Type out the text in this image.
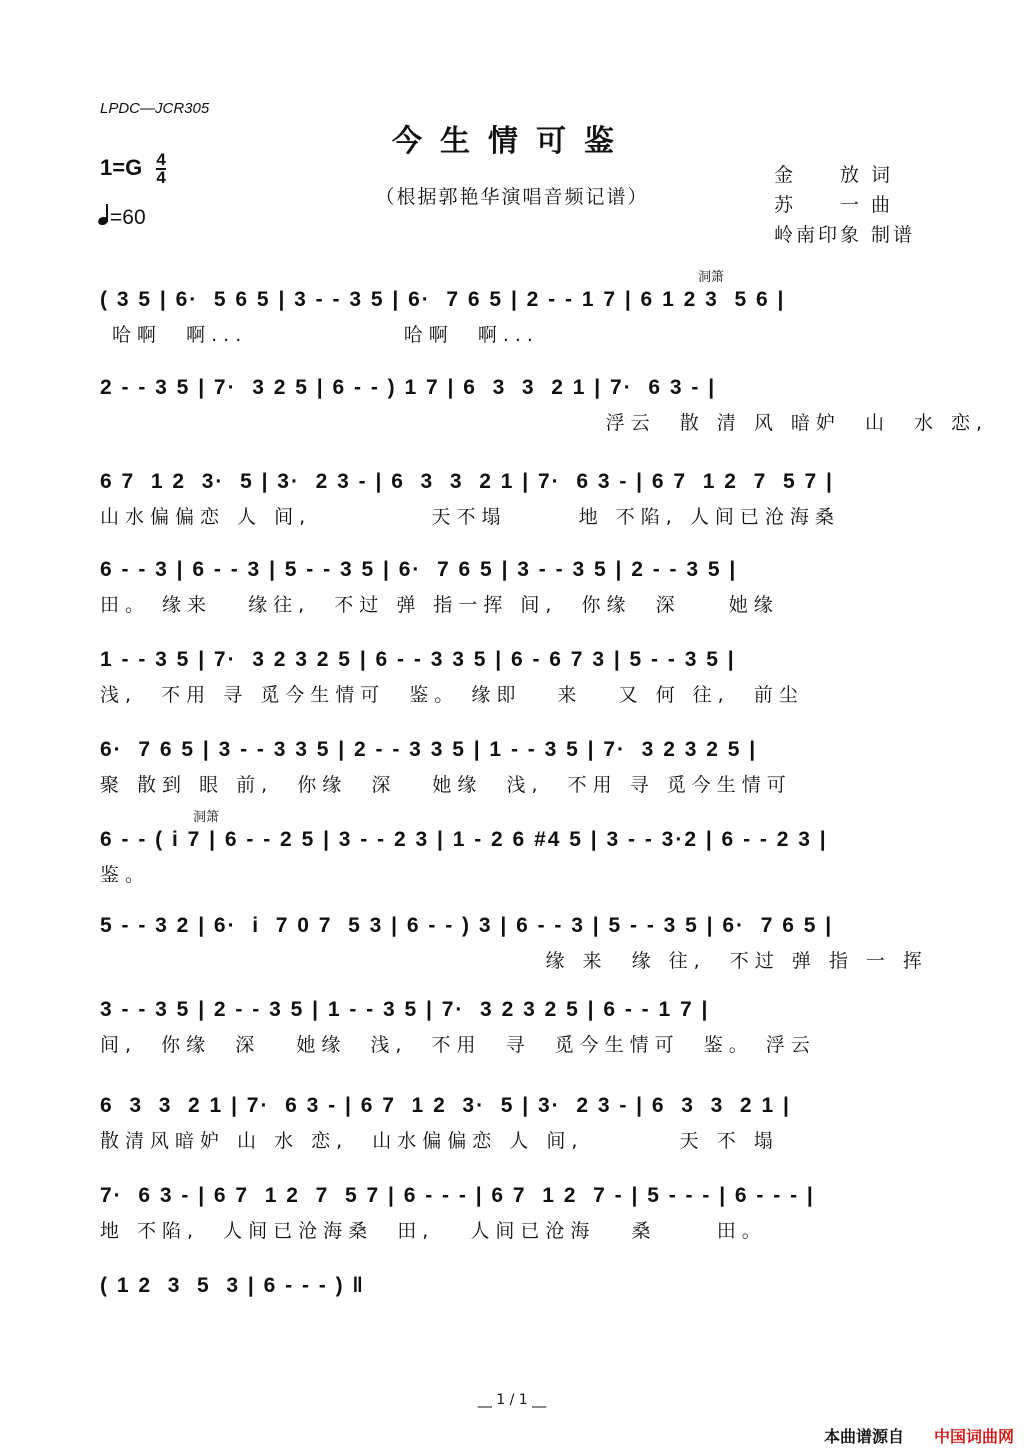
LPDC—JCR305
今生情可鉴
$1=G \frac{4}{4}$
=60
（根据郭艳华演唱音频记谱）
金　　放 词
苏　　一 曲
岭南印象 制谱
洞箫
洞箫
( 3 5 | 6·  5 6 5 | 3 - - 3 5 | 6·  7 6 5 | 2 - - 1 7 | 6 1 2 3  5 6 |
哈啊  啊...             哈啊  啊...
2 - - 3 5 | 7·  3 2 5 | 6 - - ) 1 7 | 6  3  3  2 1 | 7·  6 3 - |
浮云  散 清 风 暗妒  山  水 恋,
6 7  1 2  3·  5 | 3·  2 3 - | 6  3  3  2 1 | 7·  6 3 - | 6 7  1 2  7  5 7 |
山水偏偏恋 人 间,          天不塌      地 不陷, 人间已沧海桑
6 - - 3 | 6 - - 3 | 5 - - 3 5 | 6·  7 6 5 | 3 - - 3 5 | 2 - - 3 5 |
田。 缘来   缘往,  不过 弹 指一挥 间,  你缘  深    她缘
1 - - 3 5 | 7·  3 2 3 2 5 | 6 - - 3 3 5 | 6 - 6 7 3 | 5 - - 3 5 |
浅,  不用 寻 觅今生情可  鉴。 缘即   来   又 何 往,  前尘
6·  7 6 5 | 3 - - 3 3 5 | 2 - - 3 3 5 | 1 - - 3 5 | 7·  3 2 3 2 5 |
聚 散到 眼 前,  你缘  深   她缘  浅,  不用 寻 觅今生情可
6 - - ( i 7 | 6 - - 2 5 | 3 - - 2 3 | 1 - 2 6 #4 5 | 3 - - 3·2 | 6 - - 2 3 |
鉴。
5 - - 3 2 | 6·  i  7 0 7  5 3 | 6 - - ) 3 | 6 - - 3 | 5 - - 3 5 | 6·  7 6 5 |
缘 来  缘 往,  不过 弹 指 一 挥
3 - - 3 5 | 2 - - 3 5 | 1 - - 3 5 | 7·  3 2 3 2 5 | 6 - - 1 7 |
间,  你缘  深   她缘  浅,  不用  寻  觅今生情可  鉴。 浮云
6  3  3  2 1 | 7·  6 3 - | 6 7  1 2  3·  5 | 3·  2 3 - | 6  3  3  2 1 |
散清风暗妒 山 水 恋,  山水偏偏恋 人 间,        天 不 塌
7·  6 3 - | 6 7  1 2  7  5 7 | 6 - - - | 6 7  1 2  7 - | 5 - - - | 6 - - - |
地 不陷,  人间已沧海桑  田,   人间已沧海   桑     田。
( 1 2  3  5  3 | 6 - - - ) ‖
__ 1 / 1 __
本曲谱源自 中国词曲网
